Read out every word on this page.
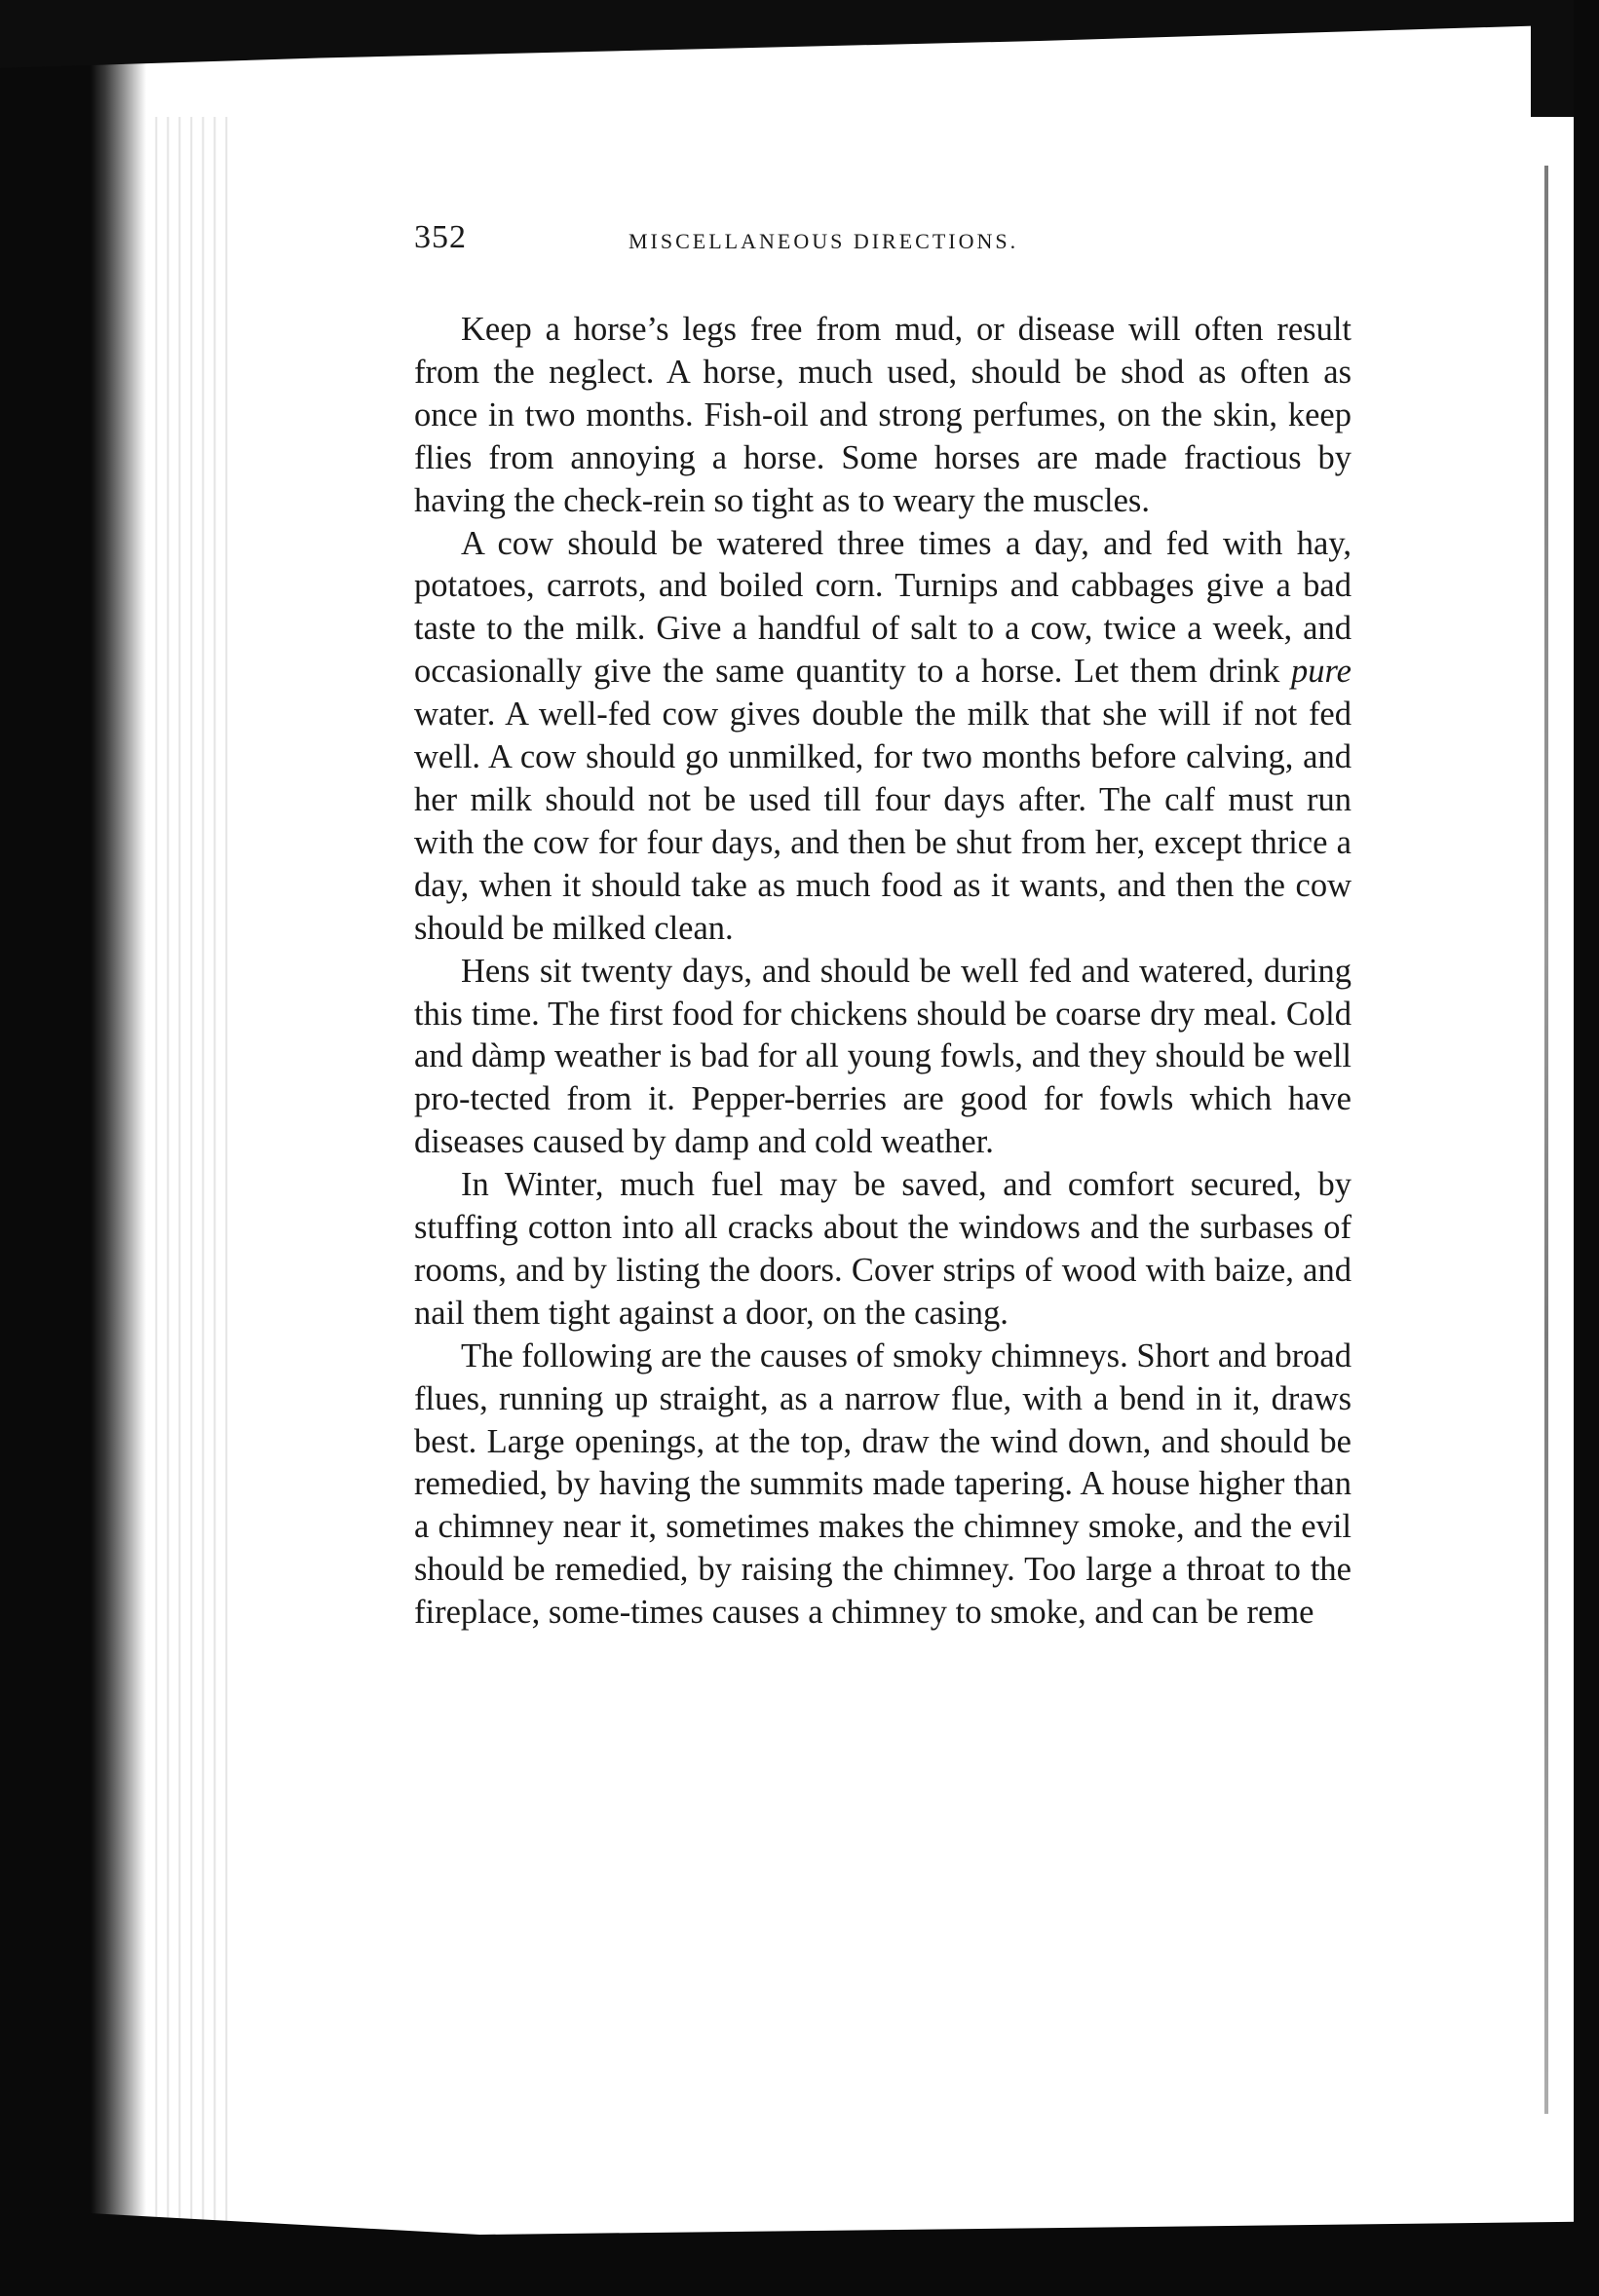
352	MISCELLANEOUS DIRECTIONS.

Keep a horse’s legs free from mud, or disease will often result from the neglect. A horse, much used, should be shod as often as once in two months. Fish-oil and strong perfumes, on the skin, keep flies from annoying a horse. Some horses are made fractious by having the check-rein so tight as to weary the muscles.

A cow should be watered three times a day, and fed with hay, potatoes, carrots, and boiled corn. Turnips and cabbages give a bad taste to the milk. Give a handful of salt to a cow, twice a week, and occasionally give the same quantity to a horse. Let them drink pure water. A well-fed cow gives double the milk that she will if not fed well. A cow should go unmilked, for two months before calving, and her milk should not be used till four days after. The calf must run with the cow for four days, and then be shut from her, except thrice a day, when it should take as much food as it wants, and then the cow should be milked clean.

Hens sit twenty days, and should be well fed and watered, during this time. The first food for chickens should be coarse dry meal. Cold and dàmp weather is bad for all young fowls, and they should be well pro-tected from it. Pepper-berries are good for fowls which have diseases caused by damp and cold weather.

In Winter, much fuel may be saved, and comfort secured, by stuffing cotton into all cracks about the windows and the surbases of rooms, and by listing the doors. Cover strips of wood with baize, and nail them tight against a door, on the casing.

The following are the causes of smoky chimneys. Short and broad flues, running up straight, as a narrow flue, with a bend in it, draws best. Large openings, at the top, draw the wind down, and should be remedied, by having the summits made tapering. A house higher than a chimney near it, sometimes makes the chimney smoke, and the evil should be remedied, by raising the chimney. Too large a throat to the fireplace, some-times causes a chimney to smoke, and can be reme
